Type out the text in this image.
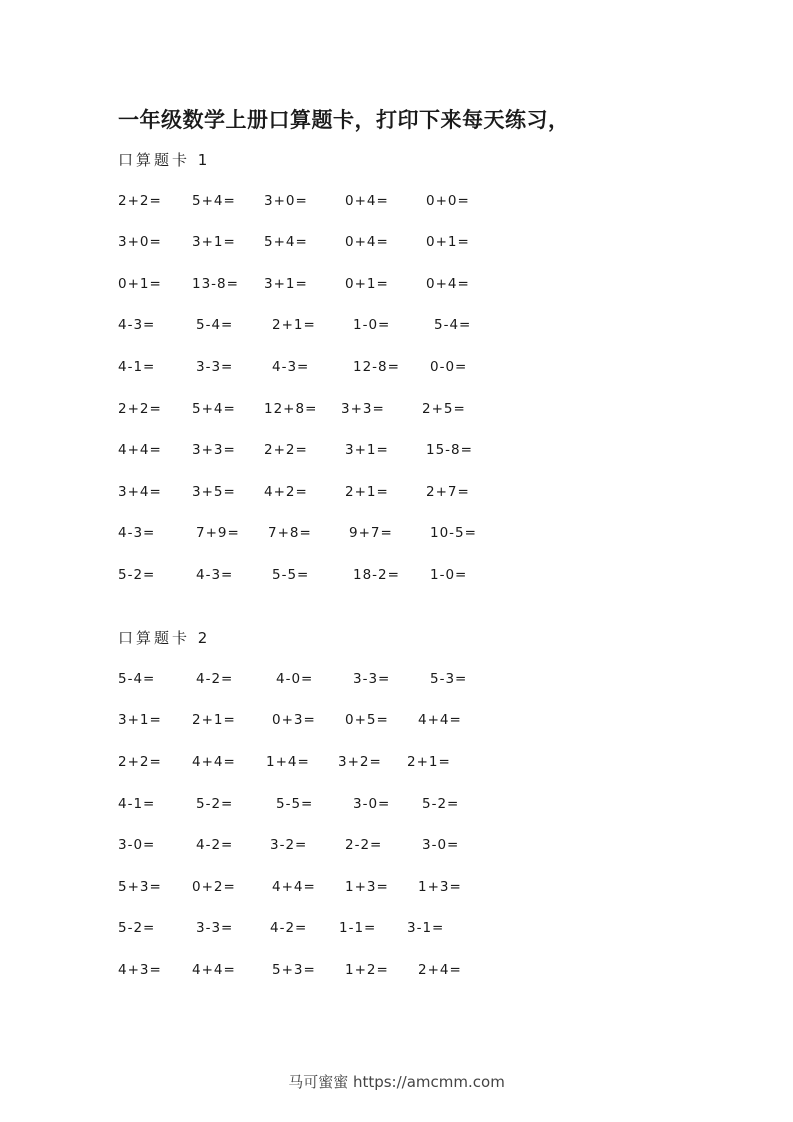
一年级数学上册口算题卡，打印下来每天练习，
口算题卡 1
口算题卡 2
2+2= 5+4= 3+0=	0+4=	0+0=
3+0= 3+1= 5+4=	0+4=	0+1=
0+1= 13-8= 3+1=	0+1=	0+4=
4-3=	5-4=	2+1=	1-0=	5-4=
4-1=	3-3=	4-3=	12-8= 0-0=
2+2= 5+4= 12+8= 3+3=	2+5=
4+4= 3+3= 2+2=	3+1=	15-8=
3+4= 3+5= 4+2=	2+1=	2+7=
4-3=	7+9= 7+8=	9+7=	10-5=
5-2=	4-3=	5-5=	18-2= 1-0=
5-4=	4-2=	4-0=	3-3=	5-3=
3+1= 2+1=	0+3= 0+5= 4+4=
2+2= 4+4= 1+4= 3+2= 2+1=
4-1=	5-2=	5-5=	3-0= 5-2=
3-0=	4-2=	3-2=	2-2=	3-0=
5+3= 0+2=	4+4= 1+3= 1+3=
5-2=	3-3=	4-2= 1-1= 3-1=
4+3= 4+4=	5+3= 1+2= 2+4=
马可蜜蜜 https://amcmm.com
